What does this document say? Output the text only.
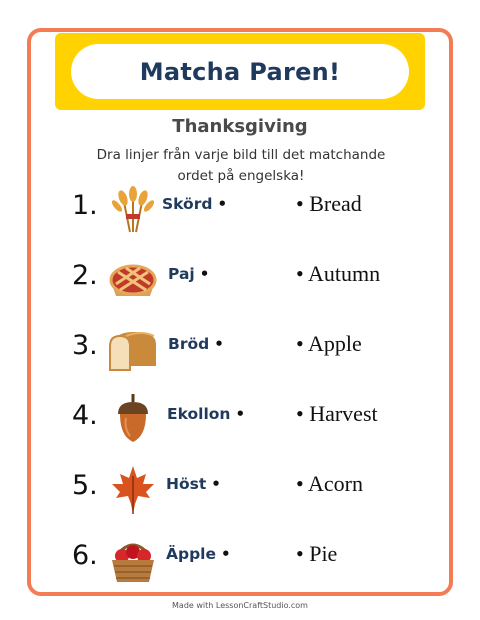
Matcha Paren!
Thanksgiving
Dra linjer från varje bild till det matchande
ordet på engelska!
1.	Skörd •	• Bread
2.	Paj •	• Autumn
3.	Bröd •	• Apple
4.	Ekollon • • Harvest
5.	Höst •	• Acorn
6.	Äpple •	• Pie
Made with LessonCraftStudio.com
